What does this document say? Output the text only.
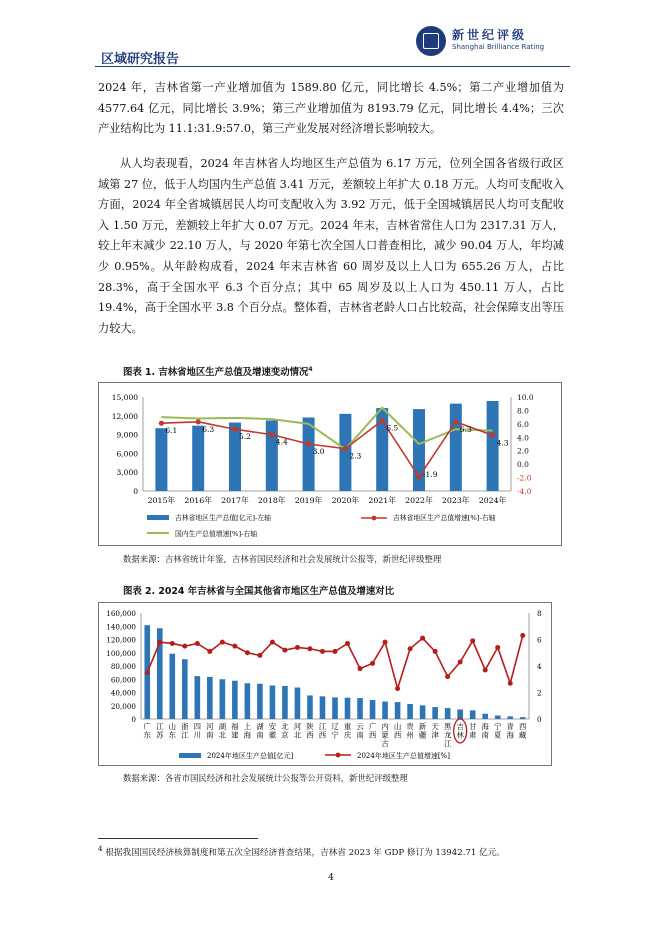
区域研究报告
新世纪评级
Shanghai Brilliance Rating

2024 年，吉林省第一产业增加值为 1589.80 亿元，同比增长 4.5%；第二产业增加值为 4577.64 亿元，同比增长 3.9%；第三产业增加值为 8193.79 亿元，同比增长 4.4%；三次产业结构比为 11.1:31.9:57.0，第三产业发展对经济增长影响较大。

从人均表现看，2024 年吉林省人均地区生产总值为 6.17 万元，位列全国各省级行政区域第 27 位，低于人均国内生产总值 3.41 万元，差额较上年扩大 0.18 万元。人均可支配收入方面，2024 年全省城镇居民人均可支配收入为 3.92 万元，低于全国城镇居民人均可支配收入 1.50 万元，差额较上年扩大 0.07 万元。2024 年末，吉林省常住人口为 2317.31 万人，较上年末减少 22.10 万人，与 2020 年第七次全国人口普查相比，减少 90.04 万人，年均减少 0.95%。从年龄构成看，2024 年末吉林省 60 周岁及以上人口为 655.26 万人，占比 28.3%，高于全国水平 6.3 个百分点；其中 65 周岁及以上人口为 450.11 万人，占比 19.4%，高于全国水平 3.8 个百分点。整体看，吉林省老龄人口占比较高，社会保障支出等压力较大。

图表 1. 吉林省地区生产总值及增速变动情况$^4$
0
3,000
6,000
9,000
12,000
15,000
-4.0
-2.0
0.0
2.0
4.0
6.0
8.0
10.0
6.1	6.3
5.2
4.4
3.0
2.3
6.5
-1.9
6.3
4.3
2015年 2016年 2017年 2018年 2019年 2020年 2021年 2022年 2023年 2024年
吉林省地区生产总值[亿元]-左轴	吉林省地区生产总值增速[%]-右轴
国内生产总值增速[%]-右轴
数据来源：吉林省统计年鉴，吉林省国民经济和社会发展统计公报等，新世纪评级整理
图表 2. 2024 年吉林省与全国其他省市地区生产总值及增速对比
0
20,000
40,000
60,000
80,000
100,000
120,000
140,000
160,000
0
2
4
6
8
广
东
江
苏
山
东
浙
江
四
川
河
南
湖
北
福
建
上
海
湖
南
安
徽
北
京
河
北
陕
西
江
西
辽
宁
重
庆
云
南
广
西
内
蒙
古
山
西
贵
州
新
疆
天
津
黑
龙
江
吉
林
甘
肃
海
南
宁
夏
青
海
西
藏
2024年地区生产总值[亿元]	2024年地区生产总值增速[%]
数据来源：各省市国民经济和社会发展统计公报等公开资料，新世纪评级整理
$^4$ 根据我国国民经济核算制度和第五次全国经济普查结果，吉林省 2023 年 GDP 修订为 13942.71 亿元。
4
